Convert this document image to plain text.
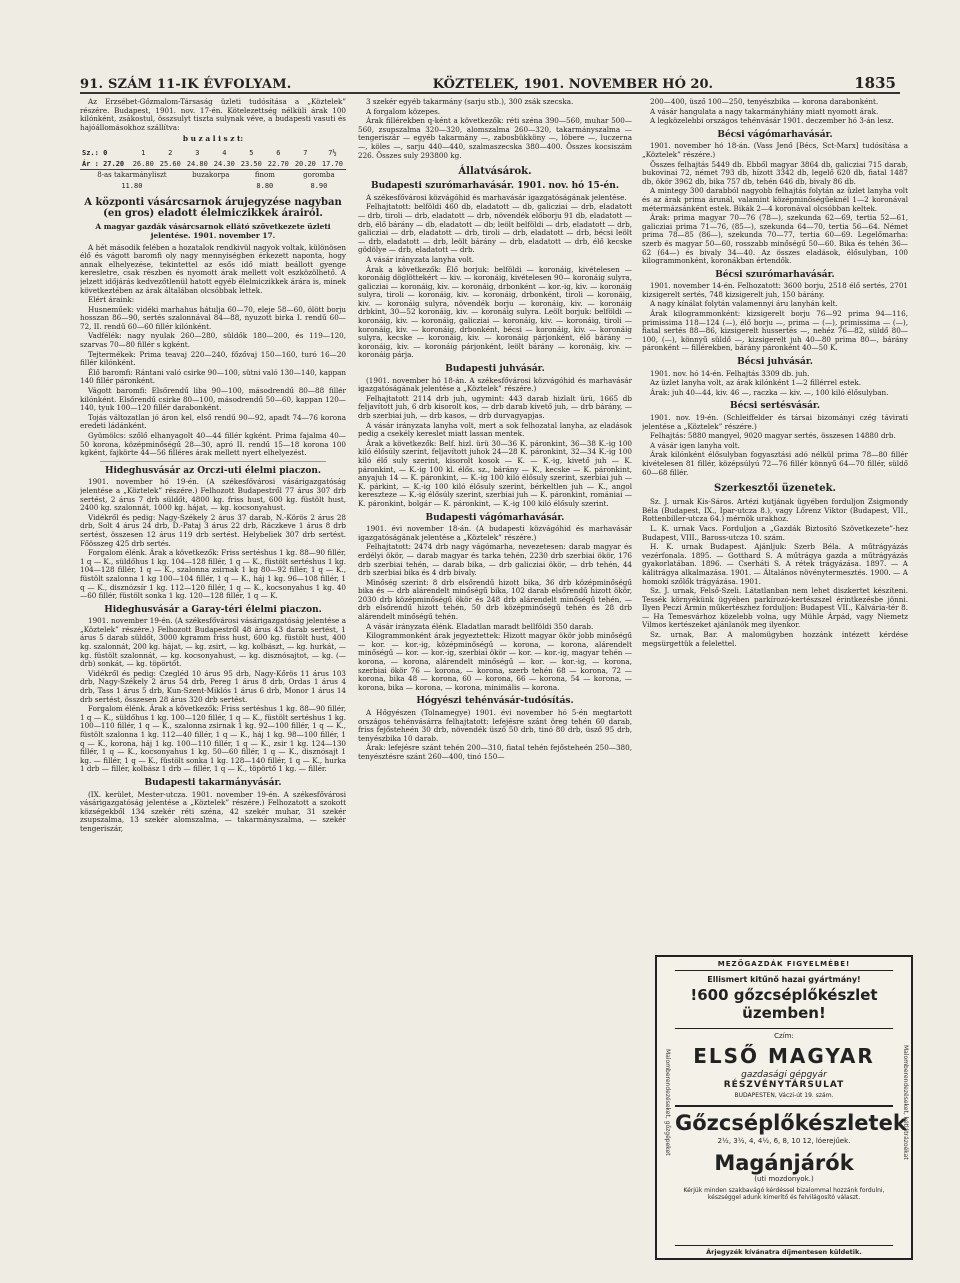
91. SZÁM 11-IK ÉVFOLYAM.	KÖZTELEK, 1901. NOVEMBER HÓ 20.	1835

Az Erzsébet-Gőzmalom-Társaság üzleti tudósítása a „Köztelek” részére. Budapest, 1901. nov. 17-én. Kötelezettség nélküli árak 100 kilónként, zsákostul, összsulyt tiszta sulynak véve, a budapesti vasuti és hajóállomásokhoz szállítva:

b u z a l i s z t:
Sz.: 0	1	2	3	4	5	6	7	7½
Ár : 27.20	26.80	25.60	24.80	24.30	23.50	22.70	20.20	17.70
8-as takarmányliszt			buzakorpa		finom		goromba	
11.80					8.80		8.90	
A központi vásárcsarnok árujegyzése nagyban (en gros) eladott élelmiczikkek árairól.
A magyar gazdák vásárcsarnok ellátó szövetkezete üzleti jelentése. 1901. november 17.

A hét második felében a hozatalok rendkivül nagyok voltak, különösen élő és vágott baromfi oly nagy mennyiségben érkezett naponta, hogy annak elhelyezése, tekintettel az esős idő miatt beállott gyenge keresletre, csak részben és nyomott árak mellett volt eszközölhető. A jelzett időjárás kedvezőtlenül hatott egyéb élelmiczikkek árára is, minek következtében az árak általában olcsóbbak lettek.

Elért áraink:

Husneműek: vidéki marhahus hátulja 60—70, eleje 58—60, ölött borju hosszan 86—90, sertés szalonnával 84—88, nyuzott birka I. rendű 60—72, II. rendű 60—60 fillér kilónként.

Vadfélék: nagy nyulak 260—280, süldők 180—200, és 119—120, szarvas 70—80 fillér s kgként.

Tejtermékek: Prima teavaj 220—240, főzővaj 150—160, turó 16—20 fillér kilónként.

Élő baromfi: Rántani való csirke 90—100, sütni való 130—140, kappan 140 fillér páronként.

Vágott baromfi: Elsőrendű liba 90—100, másodrendű 80—88 fillér kilónként. Elsőrendű csirke 80—100, másodrendű 50—60, kappan 120—140, tyuk 100—120 fillér darabonként.

Tojás változatlan jó áron kel, első rendű 90—92, apadt 74—76 korona eredeti ládánként.

Gyümölcs: szőlő elhanyagolt 40—44 fillér kgként. Prima fajalma 40—50 korona, középminőségű 28—30, apró II. rendű 15—18 korona 100 kgként, fajkörte 44—56 filléres árak mellett nyert elhelyezést.

Hideghusvásár az Orczi-uti élelmi piaczon.

1901. november hó 19-én. (A székesfővárosi vásárigazgatóság jelentése a „Köztelek” részére.) Felhozott Budapestről 77 árus 307 drb sertést, 2 árus 7 drb süldőt, 4800 kg. friss hust, 600 kg. füstölt hust, 2400 kg. szalonnát, 1000 kg. hájat, — kg. kocsonyahust.

Vidékről és pedig: Nagy-Székely 2 árus 37 darab, N.-Körös 2 árus 28 drb, Solt 4 árus 24 drb, D.-Pataj 3 árus 22 drb, Ráczkeve 1 árus 8 drb sertést, összesen 12 árus 119 drb sertést. Helybeliek 307 drb sertést. Főösszeg 425 drb sertés.

Forgalom élénk. Árak a következők: Friss sertéshus 1 kg. 88—90 fillér, 1 q — K., süldőhus 1 kg. 104—128 fillér, 1 q — K., füstölt sertéshus 1 kg. 104—128 fillér, 1 q — K., szalonna zsirnak 1 kg 80—92 fillér, 1 q — K., füstölt szalonna 1 kg 100—104 fillér, 1 q — K., háj 1 kg. 96—108 fillér, 1 q — K., disznózsír 1 kg. 112—120 fillér, 1 q — K., kocsonyahus 1 kg. 40—60 fillér, füstölt sonka 1 kg. 120—128 fillér, 1 q — K.

Hideghusvásár a Garay-téri élelmi piaczon.

1901. november 19-én. (A székesfővárosi vásárigazgatóság jelentése a „Köztelek” részére.) Felhozott Budapestről 48 árus 43 darab sertést, 1 árus 5 darab süldőt, 3000 kgramm friss hust, 600 kg. füstölt hust, 400 kg. szalonnát, 200 kg. hájat, — kg. zsirt, — kg. kolbászt, — kg. hurkát, — kg. füstölt szalonnát, — kg. kocsonyahust, — kg. disznósajtot, — kg. (— drb) sonkát, — kg. töpörtőt.

Vidékről és pedig: Czegléd 10 árus 95 drb, Nagy-Kőrös 11 árus 103 drb, Nagy-Székely 2 árus 54 drb, Pereg 1 árus 8 drb, Ordas 1 árus 4 drb, Tass 1 árus 5 drb, Kun-Szent-Miklós 1 árus 6 drb, Monor 1 árus 14 drb sertést, összesen 28 árus 320 drb sertést.

Forgalom élénk. Árak a következők: Friss sertéshus 1 kg. 88—90 fillér, 1 q — K., süldőhus 1 kg. 100—120 fillér, 1 q — K., füstölt sertéshus 1 kg. 100—110 fillér, 1 q — K., szalonna zsirnak 1 kg. 92—100 fillér, 1 q — K., füstölt szalonna 1 kg. 112—40 fillér, 1 q — K., háj 1 kg. 98—100 fillér, 1 q — K., korona, háj 1 kg. 100—110 fillér, 1 q — K., zsir 1 kg. 124—130 fillér, 1 q — K., kocsonyahus 1 kg. 50—60 fillér, 1 q — K., disznósajt 1 kg. — fillér, 1 q — K., füstölt sonka 1 kg. 128—140 fillér, 1 q — K., hurka 1 drb — fillér, kolbász 1 drb — fillér, 1 q — K., töpörtő 1 kg. — fillér.

Budapesti takarmányvásár.

(IX. kerület, Mester-utcza. 1901. november 19-én. A székesfővárosi vásárigazgatóság jelentése a „Köztelek” részére.) Felhozatott a szokott községekből 134 szekér réti széna, 42 szekér muhar, 31 szekér zsupszalma, 13 szekér alomszalma, — takarmányszalma, — szekér tengeriszár,

3 szekér egyéb takarmány (sarju stb.), 300 zsák szecska.

A forgalom közepes.

Árak fillérekben q-ként a következők: réti széna 390—560, muhar 500—560, zsupszalma 320—320, alomszalma 260—320, takarmányszalma — tengeriszár — egyéb takarmány —, zabosbükköny —, lóbere —, luczerna —, köles —, sarju 440—440, szalmaszecska 380—400. Összes kocsiszám 226. Összes suly 293800 kg.

Állatvásárok.
Budapesti szurómarhavásár. 1901. nov. hó 15-én.

A székesfővárosi közvágóhid és marhavásár igazgatóságának jelentése.

Felhajtatott: belföldi 460 db, eladatott — db, galicziai — drb, eladatott — drb, tiroli — drb, eladatott — drb, növendék előborju 91 db, eladatott — drb, élő bárány — db, eladatott — db; leölt belföldi — drb, eladatott — drb, galicziai — drb, eladatott — drb, tiroli — drb, eladatott — drb, bécsi leölt — drb, eladatott — drb, leölt bárány — drb, eladatott — drb, élő kecske gödölye — drb, eladatott — drb.

A vásár irányzata lanyha volt.

Árak a következők: Élő borjuk: belföldi — koronáig, kivételesen — koronáig döglöttekért — kiv. — koronáig, kivételesen 90— koronáig sulyra, galicziai — koronáig, kiv. — koronáig, drbonként — kor.-ig, kiv. — koronáig sulyra, tiroli — koronáig, kiv. — koronáig, drbonként, tiroli — koronáig, kiv. — koronáig sulyra, növendék borju — koronáig, kiv. — koronáig drbkint, 30—52 koronáig, kiv. — koronáig sulyra. Leölt borjuk: belföldi — koronáig, kiv. — koronáig, galicziai — koronáig, kiv. — koronáig, tiroli — koronáig, kiv. — koronáig, drbonként, bécsi — koronáig, kiv. — koronáig sulyra, kecske — koronáig, kiv. — koronáig párjonként, élő bárány — koronáig, kiv. — koronáig párjonként, leölt bárány — koronáig, kiv. — koronáig párja.

Budapesti juhvásár.

(1901. november hó 18-án. A székesfővárosi közvágóhid és marhavásár igazgatóságának jelentése a „Köztelek” részére.)

Felhajtatott 2114 drb juh, ugymint: 443 darab hizlalt ürü, 1665 db feljavított juh, 6 drb kisorolt kos, — drb darab kivető juh, — drb bárány, — drb szerbiai juh, — drb kasos, — drb durvagyapjas.

A vásár irányzata lanyha volt, mert a sok felhozatal lanyha, az eladások pedig a csekély kereslet miatt lassan mentek.

Árak a következők: Belf. hizl. ürü 30—36 K. páronkint, 36—38 K.-ig 100 kiló élősúly szerint, feljavított juhok 24—28 K. páronkint, 32—34 K.-ig 100 kiló élő suly szerint, kisorolt kosok — K. — K.-ig, kivető juh — K. páronkint, — K.-ig 100 kl. élős. sz., bárány — K., kecske — K. páronkint, anyajuh 14 — K. páronkint, — K.-ig 100 kiló élősuly szerint, szerbiai juh — K. párkint, — K.-ig 100 kiló élősuly szerint, bérkeltlen juh — K., angol kereszteze — K.-ig élősúly szerint, szerbiai juh — K. páronkint, romániai — K. páronkint, bolgár — K. páronkint, — K.-ig 100 kiló élősuly szerint.

Budapesti vágómarhavásár.

1901. évi november 18-án. (A budapesti közvágóhid és marhavásár igazgatóságának jelentése a „Köztelek” részére.)

Felhajtatott: 2474 drb nagy vágómarha, nevezetesen: darab magyar és erdélyi ökör, — darab magyar és tarka tehén, 2230 drb szerbiai ökör, 176 drb szerbiai tehén, — darab bika, — drb galicziai ökör, — drb tehén, 44 drb szerbiai bika és 4 drb bivaly.

Minőség szerint: 8 drb elsőrendű hizott bika, 36 drb középminőségű bika és — drb alárendelt minőségű bika, 102 darab elsőrendű hizott ökör, 2030 drb középminőségű ökör és 248 drb alárendelt minőségű tehén, — drb elsőrendű hizott tehén, 50 drb középminőségű tehén és 28 drb alárendelt minőségű tehén.

A vásár irányzata élénk. Eladatlan maradt bellföldi 350 darab.

Kilogrammonként árak jegyeztettek: Hizott magyar ökör jobb minőségű — kor. — kor.-ig, középminőségű — korona, — korona, alárendelt minőségű — kor. — kor.-ig, szerbiai ökör — kor. — kor.-ig, magyar tehén — korona, — korona, alárendelt minőségű — kor. — kor.-ig, — korona, szerbiai ökör 76 — korona, — korona, szerb tehén 68 — korona, 72 — korona, bika 48 — korona, 60 — korona, 66 — korona, 54 — korona, — korona, bika — korona, — korona, minimális — korona.

Hógyészi tehénvásár-tudósítás.

A Hőgyészen (Tolnamegye) 1901. évi november hó 5-én megtartott országos tehénvásárra felhajtatott: lefejésre szánt öreg tehén 60 darab, friss fejősteheén 30 drb, növendék üsző 50 drb, tinó 80 drb, üsző 95 drb, tenyészbika 10 darab.

Árak: lefejésre szánt tehén 200—310, fiatal tehén fejősteheén 250—380, tenyésztésre szánt 260—400, tinó 150—

200—400, üsző 100—250, tenyészbika — korona darabonként.

A vásár hangulata a nagy takarmányhiány miatt nyomott árak.

A legközelebbi országos tehénvásár 1901. deczember hó 3-án lesz.

Bécsi vágómarhavásár.

1901. november hó 18-án. (Vass Jenő [Bécs, Sct-Marx] tudósítása a „Köztelek” részére.)

Összes felhajtás 5449 db. Ebből magyar 3864 db, galicziai 715 darab, bukovinai 72, német 793 db, hízott 3342 db, legelő 620 db, fiatal 1487 db, ökör 3962 db, bika 757 db, tehén 646 db, bivaly 86 db.

A mintegy 300 darabból nagyobb felhajtás folytán az üzlet lanyha volt és az árak prima árunál, valamint középminőségűeknél 1—2 koronával métermázsánként estek. Bikák 2—4 koronával olcsóbban keltek.

Árak: prima magyar 70—76 (78—), szekunda 62—69, tertia 52—61, galicziai prima 71—76, (85—), szekunda 64—70, tertia 56—64. Német prima 78—85 (86—), szekunda 70—77, tertia 60—69. Legelőmarha: szerb és magyar 50—60, rosszabb minőségű 50—60. Bika és tehén 36—62 (64—) és bivaly 34—40. Az összes eladások, élősulyban, 100 kilogrammonként, koronákban értendők.

Bécsi szurómarhavásár.

1901. november 14-én. Felhozatott: 3600 borju, 2518 élő sertés, 2701 kizsigerelt sertés, 748 kizsigerelt juh, 150 bárány.

A nagy kínálat folytán valamennyi áru lanyhán kelt.

Árak kilogrammonként: kizsigerelt borju 76—92 prima 94—116, primissima 118—124 (—), élő borju —, prima — (—), primissima — (—), fiatal sertés 88—86, kizsigerelt hussertés —, nehéz 76—82, süldő 80—100, (—), könnyű süldő —, kizsigerelt juh 40—80 prima 80—, bárány páronként — fillérekben, bárány páronként 40—50 K.

Bécsi juhvásár.

1901. nov. hó 14-én. Felhajtás 3309 db. juh.

Az üzlet lanyha volt, az árak kilónként 1—2 fillérrel estek.

Árak: juh 40—44, kiv. 46 —, raczka — kiv. —, 100 kiló élősulyban.

Bécsi sertésvásár.

1901. nov. 19-én. (Schleiffelder és társai bizományi czég távirati jelentése a „Köztelek” részére.)

Felhajtás: 5880 mangyel, 9020 magyar sertés, összesen 14880 drb.

A vásár igen lanyha volt.

Árak kilónként élősulyban fogyasztási adó nélkül prima 78—80 fillér kivételesen 81 fillér, középsúlyú 72—76 fillér könnyű 64—70 fillér, süldő 60—68 fillér.

Szerkesztői üzenetek.

Sz. J. urnak Kis-Sáros. Artézi kutjának ügyében forduljon Zsigmondy Béla (Budapest, IX., Ipar-utcza 8.), vagy Lőrenz Viktor (Budapest, VII., Rottenbiller-utcza 64.) mérnök urakhoz.

L. K. urnak Vacs. Forduljon a „Gazdák Biztosító Szövetkezete”-hez Budapest, VIII., Baross-utcza 10. szám.

H. K. urnak Budapest. Ajánljuk: Szerb Béla. A műtrágyázás vezérfonala. 1895. — Gotthard S. A műtrágya gazda a műtrágyázás gyakorlatában. 1896. — Cserháti S. A rétek trágyázása. 1897. — A kálitrágya alkalmazása. 1901. — Általános növénytermesztés. 1900. — A homoki szőlők trágyázása. 1901.

Sz. J. urnak, Felső-Szeli. Látatlanban nem lehet diszkertet készíteni. Tessék környékünk ügyében parkírozó-kertészszel érintkezésbe jönni. Ilyen Peczi Ármin műkertészhez forduljon: Budapest VII., Kálvária-tér 8. — Ha Temesvárhoz közelebb volna, ugy Mühle Árpád, vagy Niemetz Vilmos kertészeket ajánlanók meg ilyenkor.

Sz. urnak, Bar. A malomügyben hozzánk intézett kérdése megsürgettük a felelettel.

Malomberendezéseket, gőzgépeket	Malomberendezéseket, kétlátrázoékat
MEZŐGAZDÁK FIGYELMÉBE!
Ellismert kitűnő hazai gyártmány!
!600 gőzcséplőkészlet üzemben!
Czím:
ELSŐ MAGYAR
gazdasági gépgyár
RÉSZVÉNYTÁRSULAT
BUDAPESTEN, Váczi-út 19. szám.
Gőzcséplőkészletek
2½, 3½, 4, 4½, 6, 8, 10 12, lóerejűek.
Magánjárók
(uti mozdonyok.)
Kérjük minden szakbavágó kérdéssel bizalommal hozzánk fordulni, készséggel adunk kimerítő és felvilágosító választ.
Árjegyzék kívánatra díjmentesen küldetik.
